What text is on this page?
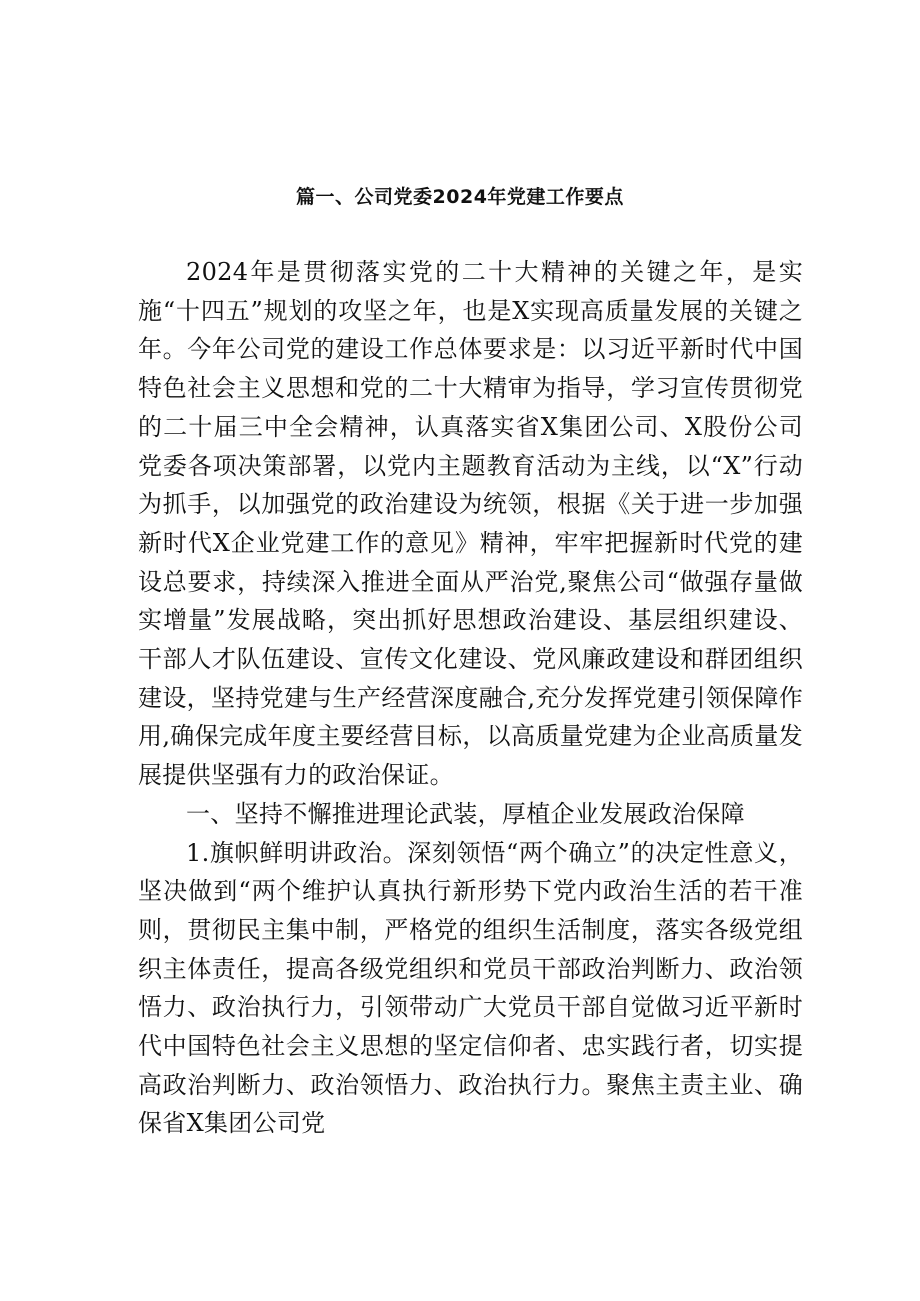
篇一、公司党委2024年党建工作要点

2024年是贯彻落实党的二十大精神的关键之年，是实施“十四五”规划的攻坚之年，也是X实现高质量发展的关键之年。今年公司党的建设工作总体要求是：以习近平新时代中国特色社会主义思想和党的二十大精审为指导，学习宣传贯彻党的二十届三中全会精神，认真落实省X集团公司、X股份公司党委各项决策部署，以党内主题教育活动为主线，以“X”行动为抓手，以加强党的政治建设为统领，根据《关于进一步加强新时代X企业党建工作的意见》精神，牢牢把握新时代党的建设总要求，持续深入推进全面从严治党,聚焦公司“做强存量做实增量”发展战略，突出抓好思想政治建设、基层组织建设、干部人才队伍建设、宣传文化建设、党风廉政建设和群团组织建设，坚持党建与生产经营深度融合,充分发挥党建引领保障作用,确保完成年度主要经营目标，以高质量党建为企业高质量发展提供坚强有力的政治保证。

一、坚持不懈推进理论武装，厚植企业发展政治保障

1.旗帜鲜明讲政治。深刻领悟“两个确立”的决定性意义，坚决做到“两个维护认真执行新形势下党内政治生活的若干准则，贯彻民主集中制，严格党的组织生活制度，落实各级党组织主体责任，提高各级党组织和党员干部政治判断力、政治领悟力、政治执行力，引领带动广大党员干部自觉做习近平新时代中国特色社会主义思想的坚定信仰者、忠实践行者，切实提高政治判断力、政治领悟力、政治执行力。聚焦主责主业、确保省X集团公司党
